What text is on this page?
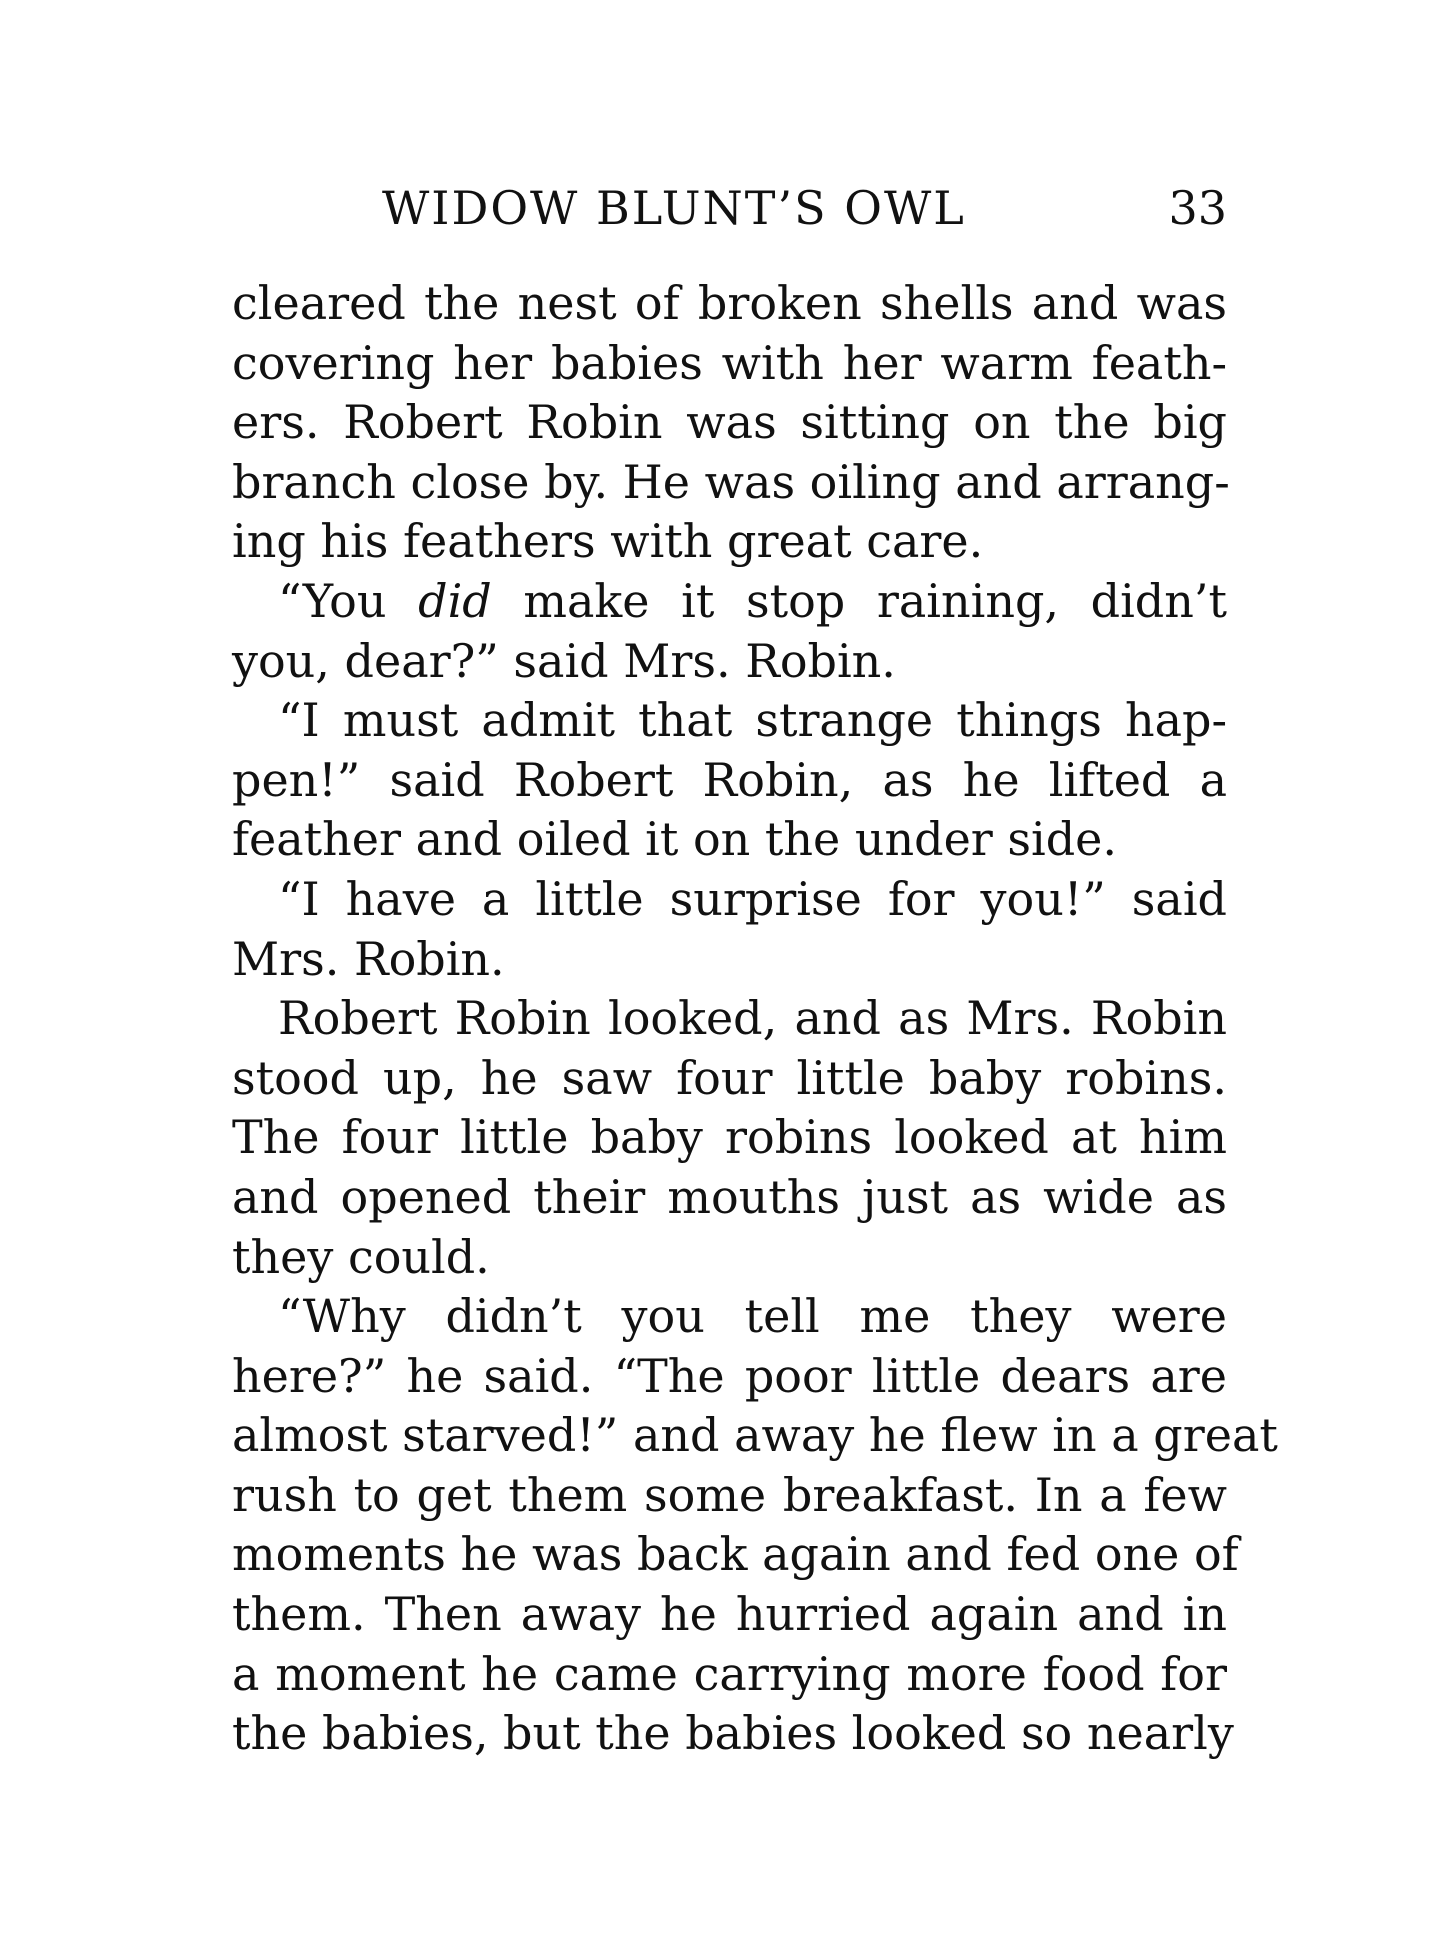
WIDOW BLUNT’S OWL	33
cleared the nest of broken shells and was
covering her babies with her warm feath-
ers. Robert Robin was sitting on the big
branch close by. He was oiling and arrang-
ing his feathers with great care.
“You did make it stop raining, didn’t
you, dear?” said Mrs. Robin.
“I must admit that strange things hap-
pen!” said Robert Robin, as he lifted a
feather and oiled it on the under side.
“I have a little surprise for you!” said
Mrs. Robin.
Robert Robin looked, and as Mrs. Robin
stood up, he saw four little baby robins.
The four little baby robins looked at him
and opened their mouths just as wide as
they could.
“Why didn’t you tell me they were
here?” he said. “The poor little dears are
almost starved!” and away he flew in a great
rush to get them some breakfast. In a few
moments he was back again and fed one of
them. Then away he hurried again and in
a moment he came carrying more food for
the babies, but the babies looked so nearly
